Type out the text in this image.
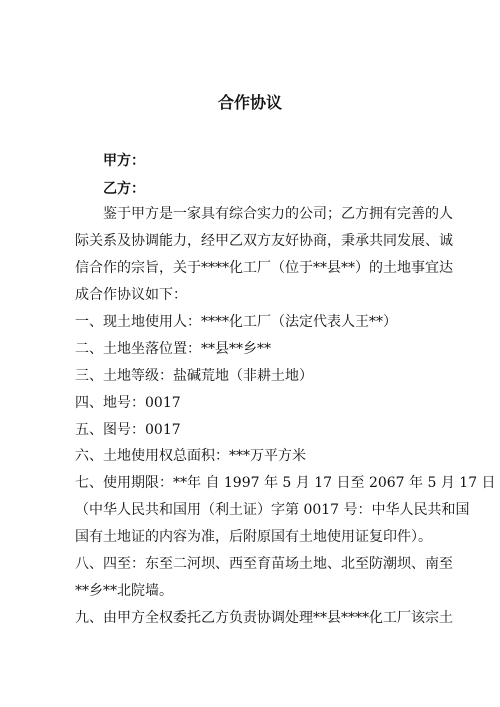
合作协议
甲方：
乙方：
鉴于甲方是一家具有综合实力的公司；乙方拥有完善的人
际关系及协调能力，经甲乙双方友好协商，秉承共同发展、诚
信合作的宗旨，关于****化工厂（位于**县**）的土地事宜达
成合作协议如下：
一、现土地使用人：****化工厂（法定代表人王**）
二、土地坐落位置：**县**乡**
三、土地等级：盐碱荒地（非耕土地）
四、地号：0017
五、图号：0017
六、土地使用权总面积：***万平方米
七、使用期限：**年 自 1997 年 5 月 17 日至 2067 年 5 月 17 日
（中华人民共和国用（利土证）字第 0017 号：中华人民共和国
国有土地证的内容为准，后附原国有土地使用证复印件）。
八、四至：东至二河坝、西至育苗场土地、北至防潮坝、南至
**乡**北院墙。
九、由甲方全权委托乙方负责协调处理**县****化工厂该宗土
